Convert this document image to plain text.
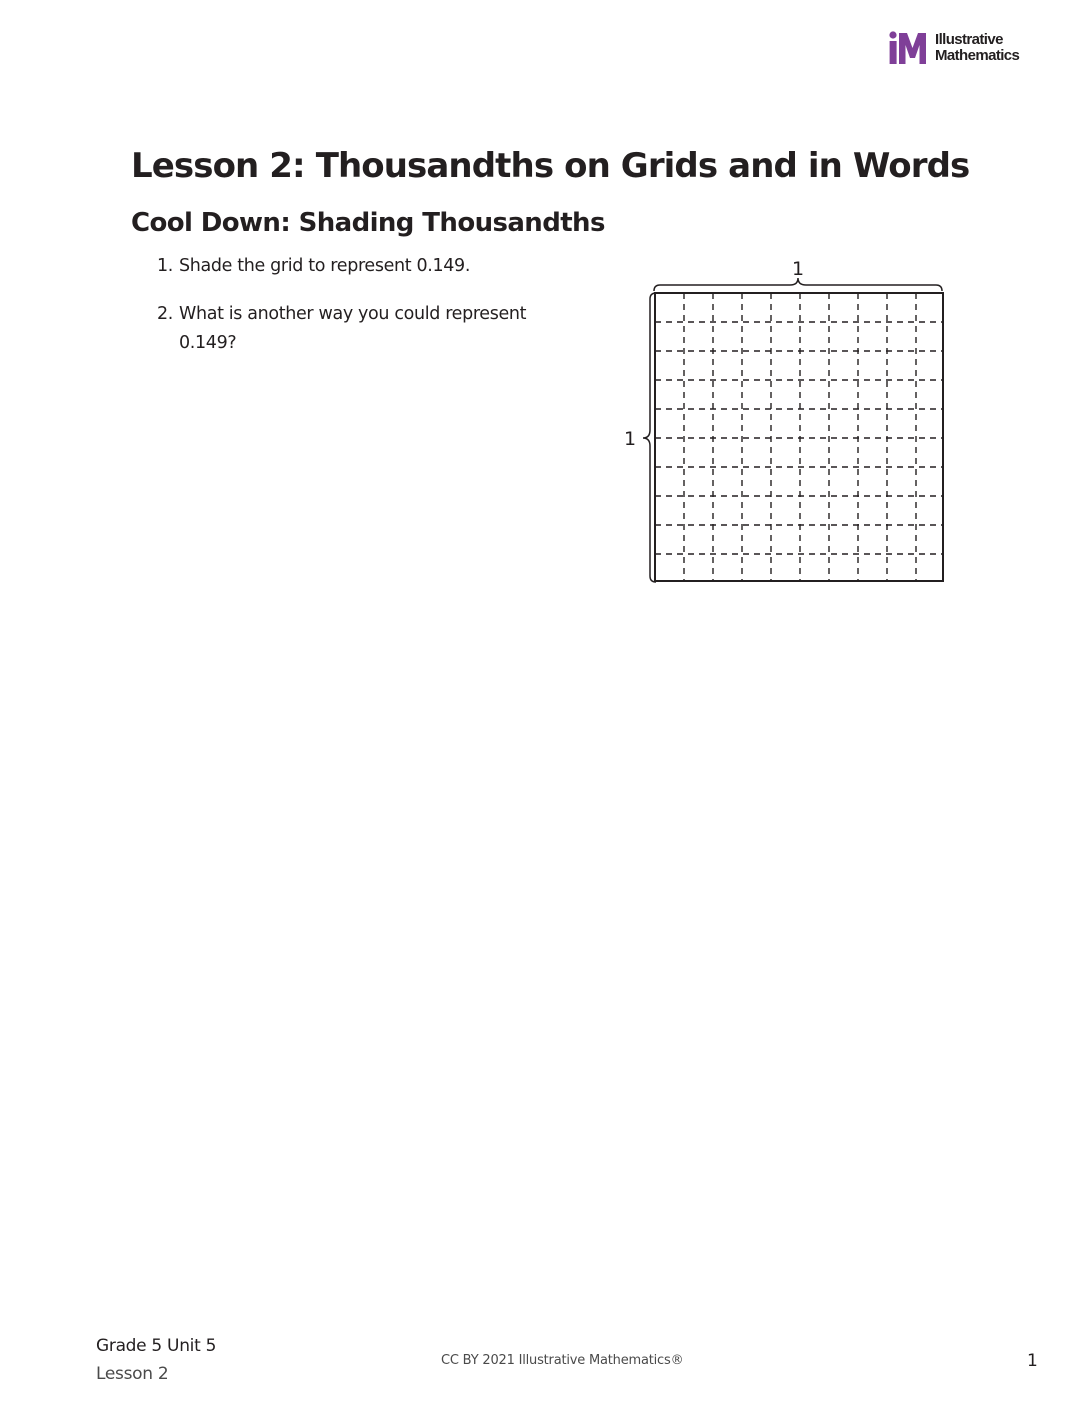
Illustrative
Mathematics
Lesson 2: Thousandths on Grids and in Words
Cool Down: Shading Thousandths
1. Shade the grid to represent 0.149.
2. What is another way you could represent 0.149?
1
1
Grade 5 Unit 5
Lesson 2
CC BY 2021 Illustrative Mathematics®	1
